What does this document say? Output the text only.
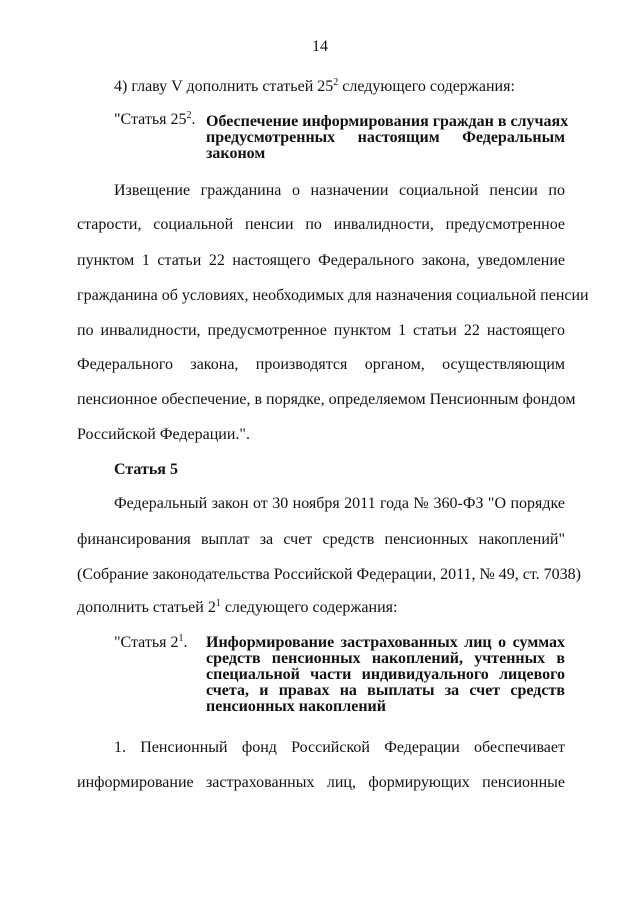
14
4) главу V дополнить статьей $25^2$ следующего содержания:
"Статья $25^2$. Обеспечение информирования граждан в случаях
предусмотренных настоящим Федеральным
законом
Извещение гражданина о назначении социальной пенсии по
старости, социальной пенсии по инвалидности, предусмотренное
пунктом 1 статьи 22 настоящего Федерального закона, уведомление
гражданина об условиях, необходимых для назначения социальной пенсии
по инвалидности, предусмотренное пунктом 1 статьи 22 настоящего
Федерального закона, производятся органом, осуществляющим
пенсионное обеспечение, в порядке, определяемом Пенсионным фондом
Российской Федерации.".
Статья 5
Федеральный закон от 30 ноября 2011 года № 360-ФЗ "О порядке
финансирования выплат за счет средств пенсионных накоплений"
(Собрание законодательства Российской Федерации, 2011, № 49, ст. 7038)
дополнить статьей $2^1$ следующего содержания:
"Статья $2^1$. Информирование застрахованных лиц о суммах
средств пенсионных накоплений, учтенных в
специальной части индивидуального лицевого
счета, и правах на выплаты за счет средств
пенсионных накоплений
1. Пенсионный фонд Российской Федерации обеспечивает
информирование застрахованных лиц, формирующих пенсионные
